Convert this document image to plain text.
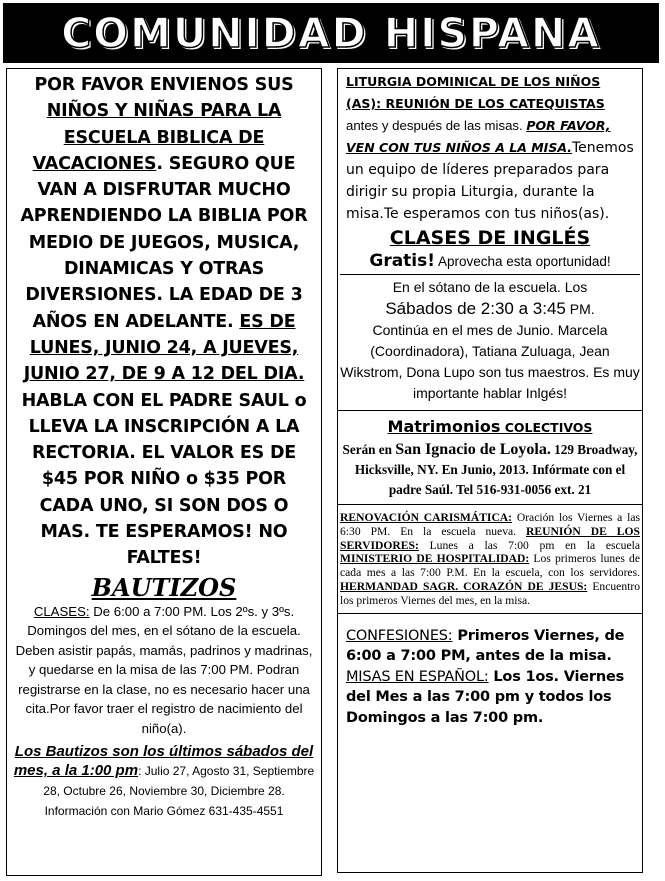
COMUNIDAD HISPANA
POR FAVOR ENVIENOS SUS
NIÑOS Y NIÑAS PARA LA
ESCUELA BIBLICA DE
VACACIONES. SEGURO QUE
VAN A DISFRUTAR MUCHO
APRENDIENDO LA BIBLIA POR
MEDIO DE JUEGOS, MUSICA,
DINAMICAS Y OTRAS
DIVERSIONES. LA EDAD DE 3
AÑOS EN ADELANTE. ES DE
LUNES, JUNIO 24, A JUEVES,
JUNIO 27, DE 9 A 12 DEL DIA.
HABLA CON EL PADRE SAUL o
LLEVA LA INSCRIPCIÓN A LA
RECTORIA. EL VALOR ES DE
$45 POR NIÑO o $35 POR
CADA UNO, SI SON DOS O
MAS. TE ESPERAMOS! NO
FALTES!
BAUTIZOS
CLASES: De 6:00 a 7:00 PM. Los 2ºs. y 3ºs. Domingos del mes, en el sótano de la escuela. Deben asistir papás, mamás, padrinos y madrinas, y quedarse en la misa de las 7:00 PM. Podran registrarse en la clase, no es necesario hacer una cita.Por favor traer el registro de nacimiento del niño(a).
Los Bautizos son los últimos sábados del mes, a la 1:00 pm: Julio 27, Agosto 31, Septiembre 28, Octubre 26, Noviembre 30, Diciembre 28. Información con Mario Gómez 631-435-4551
LITURGIA DOMINICAL DE LOS NIÑOS (AS): REUNIÓN DE LOS CATEQUISTAS antes y después de las misas. POR FAVOR, VEN CON TUS NIÑOS A LA MISA.Tenemos un equipo de líderes preparados para dirigir su propia Liturgia, durante la misa.Te esperamos con tus niños(as).
CLASES DE INGLÉS
Gratis! Aprovecha esta oportunidad!
En el sótano de la escuela. Los
Sábados de 2:30 a 3:45 PM.
Continúa en el mes de Junio. Marcela (Coordinadora), Tatiana Zuluaga, Jean Wikstrom, Dona Lupo son tus maestros. Es muy importante hablar Inlgés!
Matrimonios COLECTIVOS
Serán en San Ignacio de Loyola. 129 Broadway, Hicksville, NY. En Junio, 2013. Infórmate con el padre Saúl. Tel 516-931-0056 ext. 21
RENOVACIÓN CARISMÁTICA: Oración los Viernes a las 6:30 PM. En la escuela nueva. REUNIÓN DE LOS SERVIDORES: Lunes a las 7:00 pm en la escuela MINISTERIO DE HOSPITALIDAD: Los primeros lunes de cada mes a las 7:00 P.M. En la escuela, con los servidores. HERMANDAD SAGR. CORAZÓN DE JESUS: Encuentro los primeros Viernes del mes, en la misa.
CONFESIONES: Primeros Viernes, de 6:00 a 7:00 PM, antes de la misa.
MISAS EN ESPAÑOL: Los 1os. Viernes del Mes a las 7:00 pm y todos los Domingos a las 7:00 pm.
